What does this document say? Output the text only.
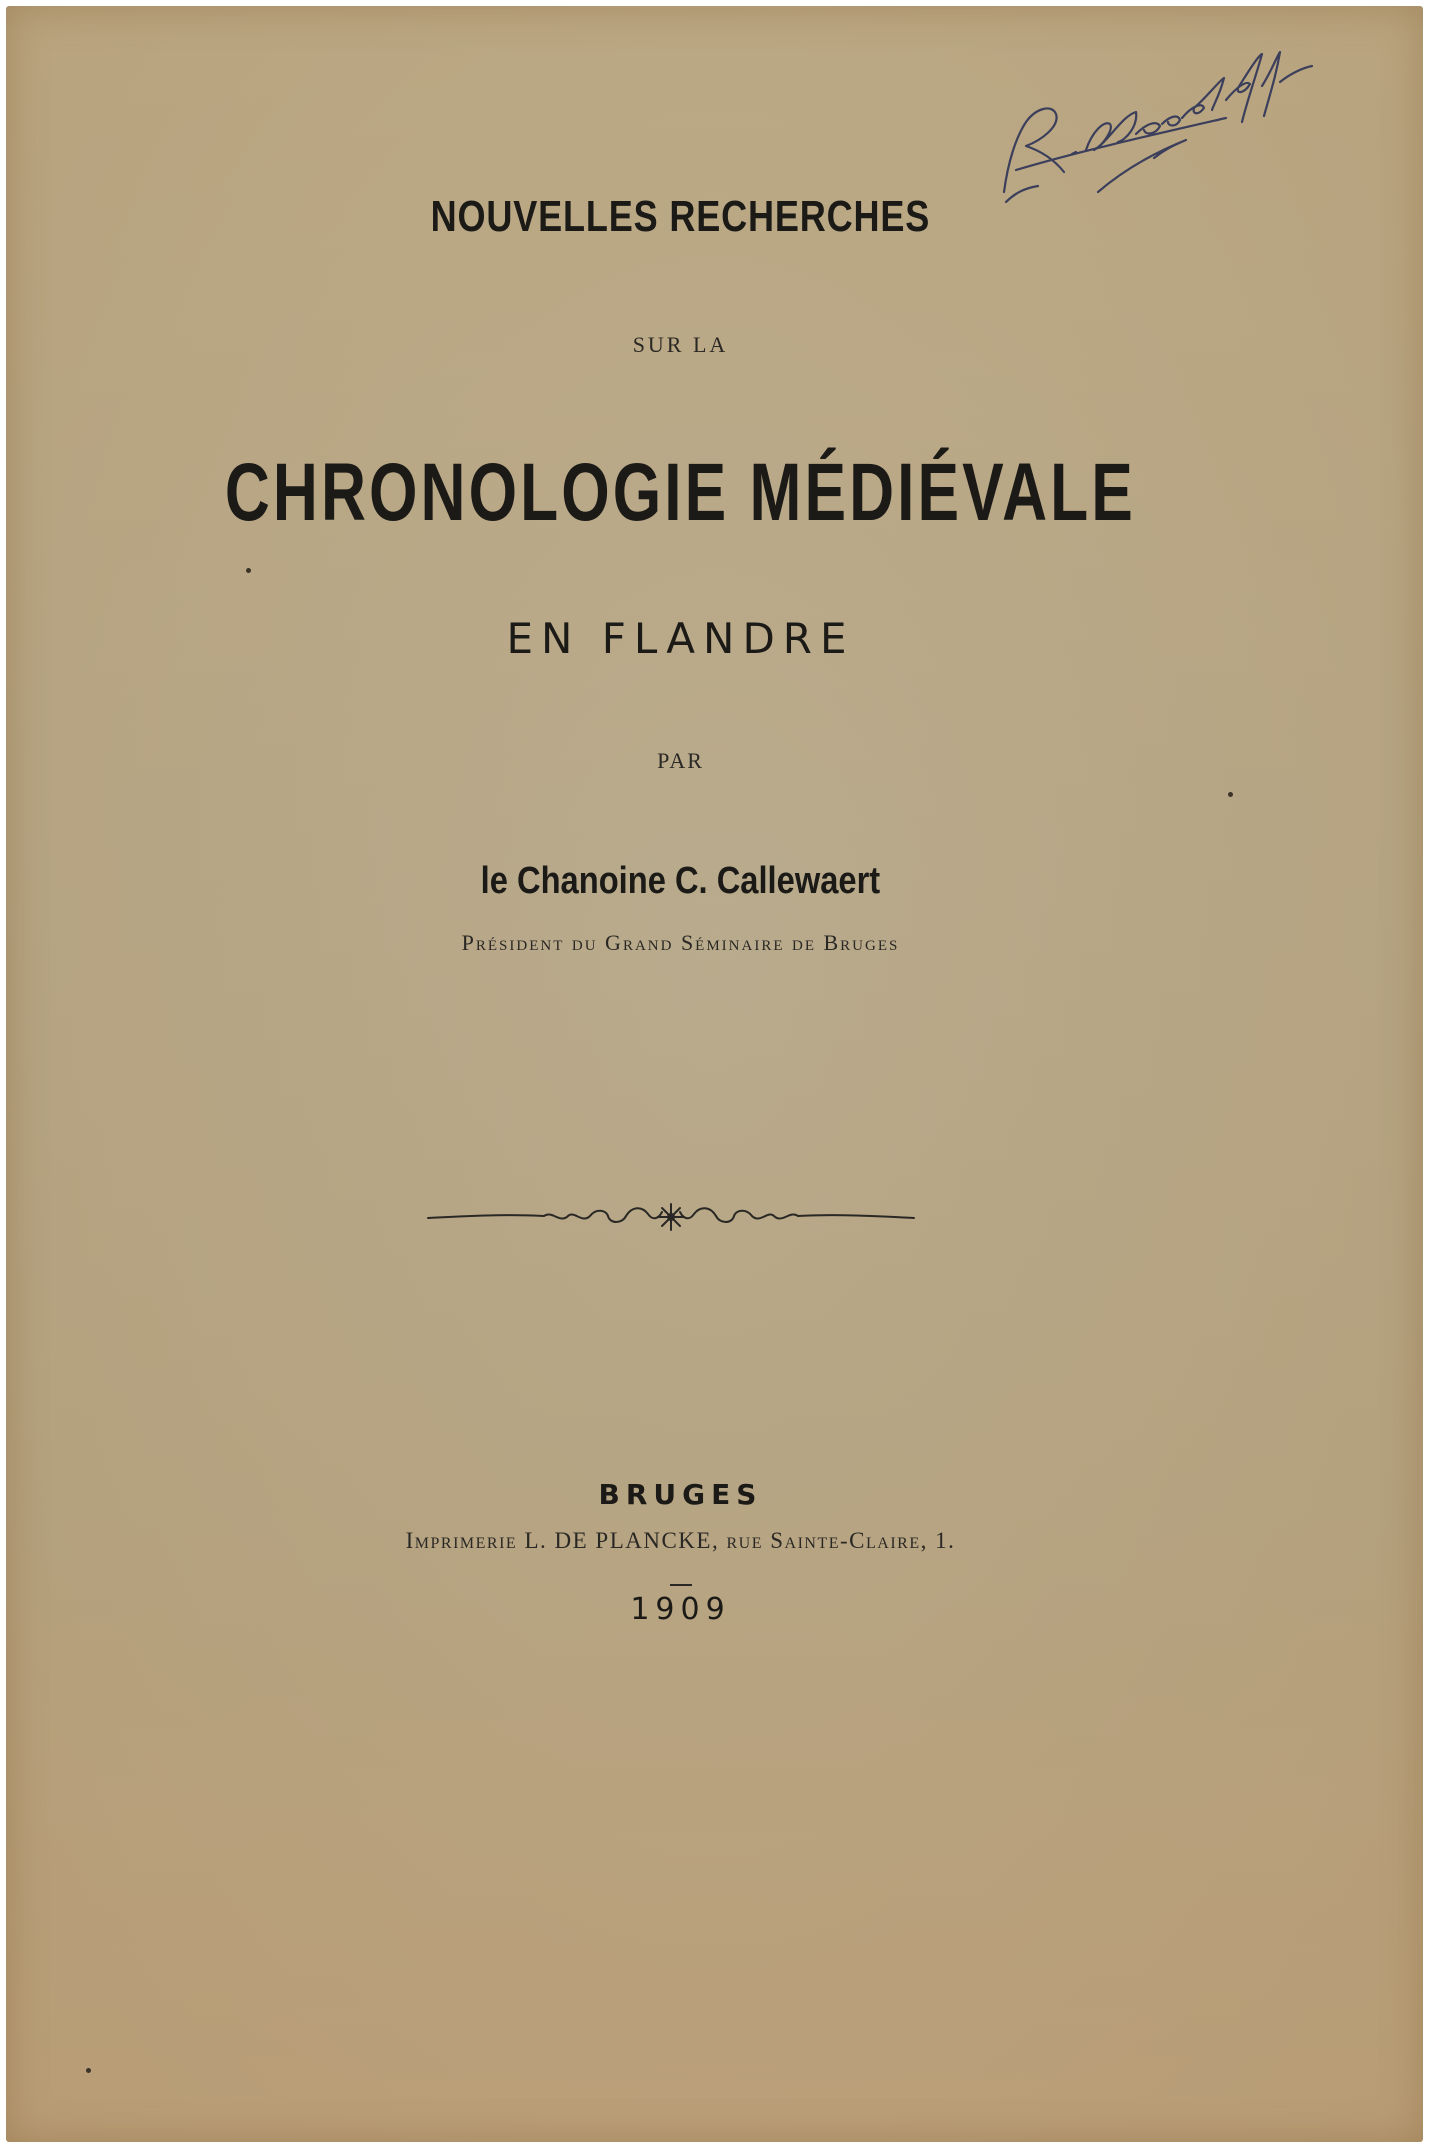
NOUVELLES RECHERCHES
SUR LA
CHRONOLOGIE MÉDIÉVALE
EN FLANDRE
PAR
le Chanoine C. Callewaert
Président du Grand Séminaire de Bruges
BRUGES
Imprimerie L. DE PLANCKE, rue Sainte-Claire, 1.
1909
